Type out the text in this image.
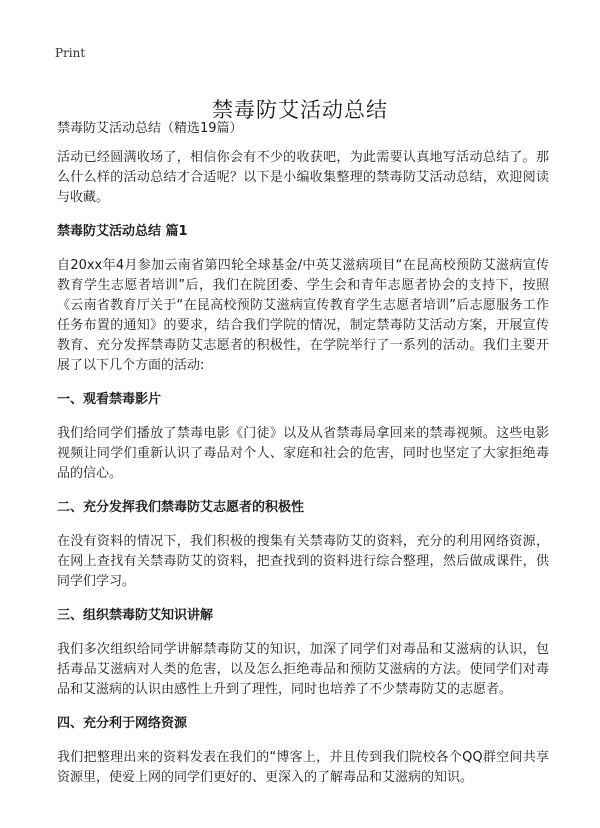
Print
禁毒防艾活动总结

禁毒防艾活动总结（精选19篇）

活动已经圆满收场了，相信你会有不少的收获吧，为此需要认真地写活动总结了。那么什么样的活动总结才合适呢？以下是小编收集整理的禁毒防艾活动总结，欢迎阅读与收藏。

禁毒防艾活动总结 篇1

自20xx年4月参加云南省第四轮全球基金/中英艾滋病项目“在昆高校预防艾滋病宣传教育学生志愿者培训”后，我们在院团委、学生会和青年志愿者协会的支持下，按照《云南省教育厅关于“在昆高校预防艾滋病宣传教育学生志愿者培训”后志愿服务工作任务布置的通知》的要求，结合我们学院的情况，制定禁毒防艾活动方案，开展宣传教育、充分发挥禁毒防艾志愿者的积极性，在学院举行了一系列的活动。我们主要开展了以下几个方面的活动:

一、观看禁毒影片

我们给同学们播放了禁毒电影《门徒》以及从省禁毒局拿回来的禁毒视频。这些电影视频让同学们重新认识了毒品对个人、家庭和社会的危害，同时也坚定了大家拒绝毒品的信心。

二、充分发挥我们禁毒防艾志愿者的积极性

在没有资料的情况下，我们积极的搜集有关禁毒防艾的资料，充分的利用网络资源，在网上查找有关禁毒防艾的资料，把查找到的资料进行综合整理，然后做成课件，供同学们学习。

三、组织禁毒防艾知识讲解

我们多次组织给同学讲解禁毒防艾的知识，加深了同学们对毒品和艾滋病的认识，包括毒品艾滋病对人类的危害，以及怎么拒绝毒品和预防艾滋病的方法。使同学们对毒品和艾滋病的认识由感性上升到了理性，同时也培养了不少禁毒防艾的志愿者。

四、充分利于网络资源

我们把整理出来的资料发表在我们的“博客上，并且传到我们院校各个QQ群空间共享资源里，使爱上网的同学们更好的、更深入的了解毒品和艾滋病的知识。
